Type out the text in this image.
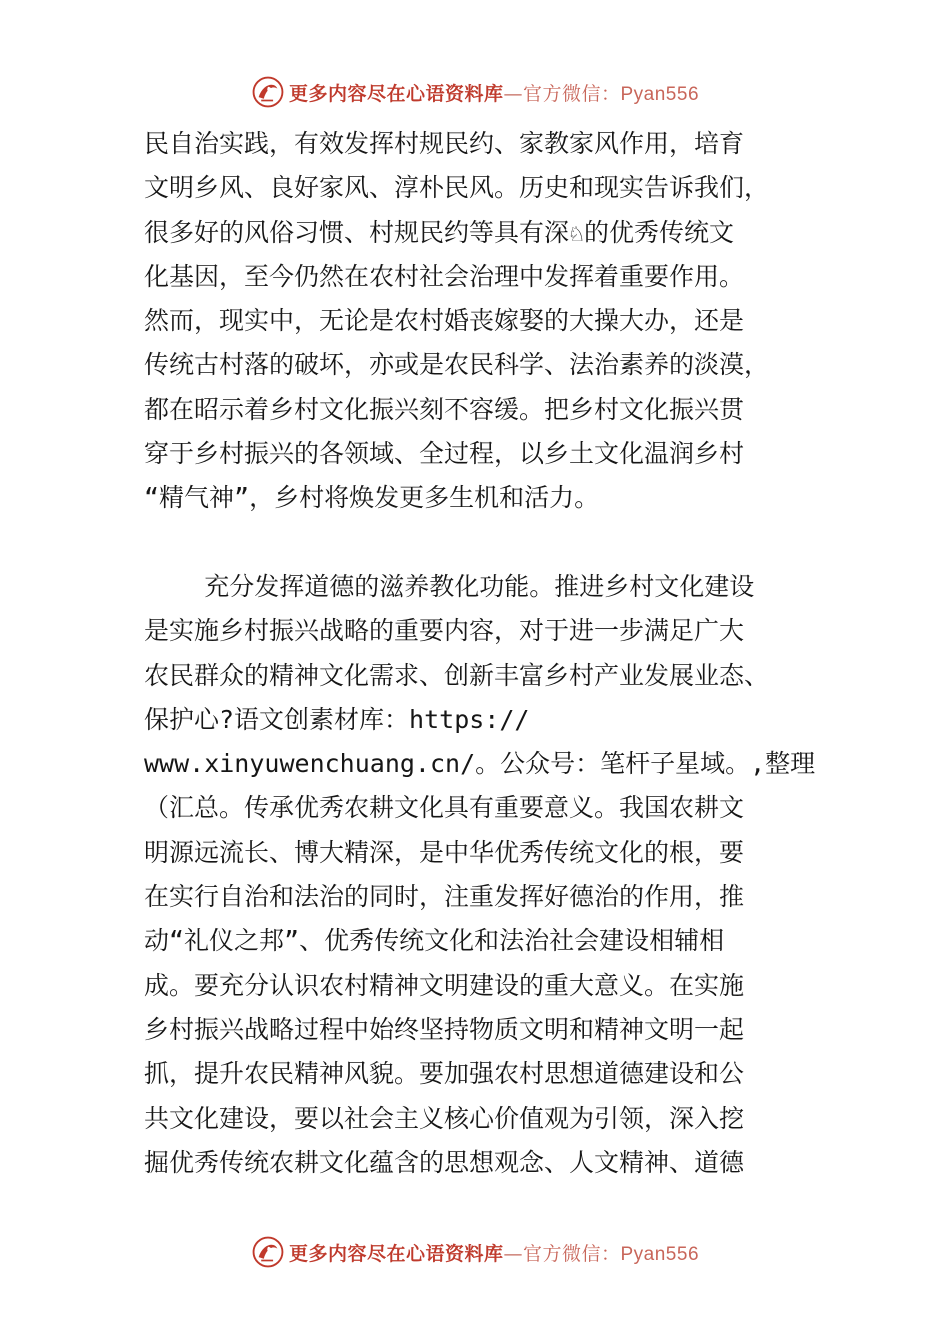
更多内容尽在心语资料库—官方微信：Pyan556
民自治实践，有效发挥村规民约、家教家风作用，培育
文明乡风、良好家风、淳朴民风。历史和现实告诉我们，
很多好的风俗习惯、村规民约等具有深♘的优秀传统文
化基因，至今仍然在农村社会治理中发挥着重要作用。
然而，现实中，无论是农村婚丧嫁娶的大操大办，还是
传统古村落的破坏，亦或是农民科学、法治素养的淡漠，
都在昭示着乡村文化振兴刻不容缓。把乡村文化振兴贯
穿于乡村振兴的各领域、全过程，以乡土文化温润乡村
“精气神”，乡村将焕发更多生机和活力。
充分发挥道德的滋养教化功能。推进乡村文化建设
是实施乡村振兴战略的重要内容，对于进一步满足广大
农民群众的精神文化需求、创新丰富乡村产业发展业态、
保护心?语文创素材库：https://
www.xinyuwenchuang.cn/。公众号：笔杆子星域。,整理
（汇总。传承优秀农耕文化具有重要意义。我国农耕文
明源远流长、博大精深，是中华优秀传统文化的根，要
在实行自治和法治的同时，注重发挥好德治的作用，推
动“礼仪之邦”、优秀传统文化和法治社会建设相辅相
成。要充分认识农村精神文明建设的重大意义。在实施
乡村振兴战略过程中始终坚持物质文明和精神文明一起
抓，提升农民精神风貌。要加强农村思想道德建设和公
共文化建设，要以社会主义核心价值观为引领，深入挖
掘优秀传统农耕文化蕴含的思想观念、人文精神、道德
更多内容尽在心语资料库—官方微信：Pyan556
